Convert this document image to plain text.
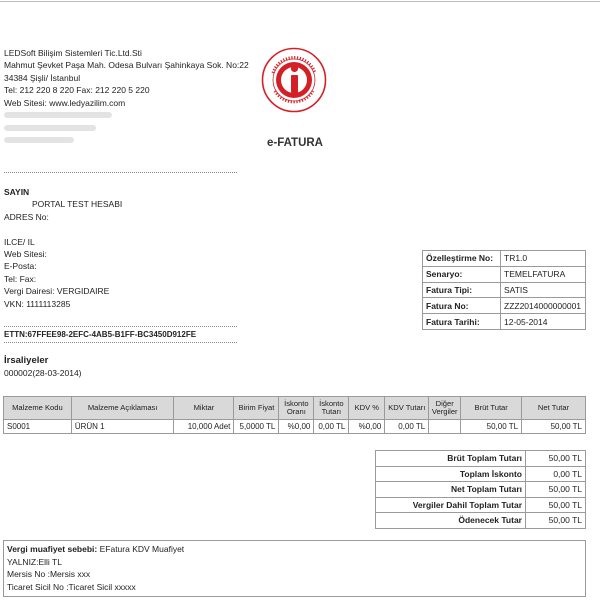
LEDSoft Bilişim Sistemleri Tic.Ltd.Sti
Mahmut Şevket Paşa Mah. Odesa Bulvarı Şahinkaya Sok. No:22
34384 Şişli/ İstanbul
Tel: 212 220 8 220 Fax: 212 220 5 220
Web Sitesi: www.ledyazilim.com
e-FATURA
SAYIN
PORTAL TEST HESABI
ADRES No:
ILCE/ IL
Web Sitesi:
E-Posta:
Tel: Fax:
Vergi Dairesi: VERGIDAIRE
VKN: 1111113285
ETTN:67FFEE98-2EFC-4AB5-B1FF-BC3450D912FE
İrsaliyeler
000002(28-03-2014)
Özelleştirme No:	TR1.0
Senaryo:	TEMELFATURA
Fatura Tipi:	SATIS
Fatura No:	ZZZ2014000000001
Fatura Tarihi:	12-05-2014
Malzeme Kodu	Malzeme Açıklaması	Miktar	Birim Fiyat	İskonto Oranı	İskonto Tutarı	KDV %	KDV Tutarı	Diğer Vergiler	Brüt Tutar	Net Tutar
S0001	ÜRÜN 1	10,000 Adet	5,0000 TL	%0,00	0,00 TL	%0,00	0,00 TL		50,00 TL	50,00 TL
Brüt Toplam Tutarı	50,00 TL
Toplam İskonto	0,00 TL
Net Toplam Tutarı	50,00 TL
Vergiler Dahil Toplam Tutar	50,00 TL
Ödenecek Tutar	50,00 TL
Vergi muafiyet sebebi: EFatura KDV Muafiyet
YALNIZ:Elli TL
Mersis No :Mersis xxx
Ticaret Sicil No :Ticaret Sicil xxxxx
